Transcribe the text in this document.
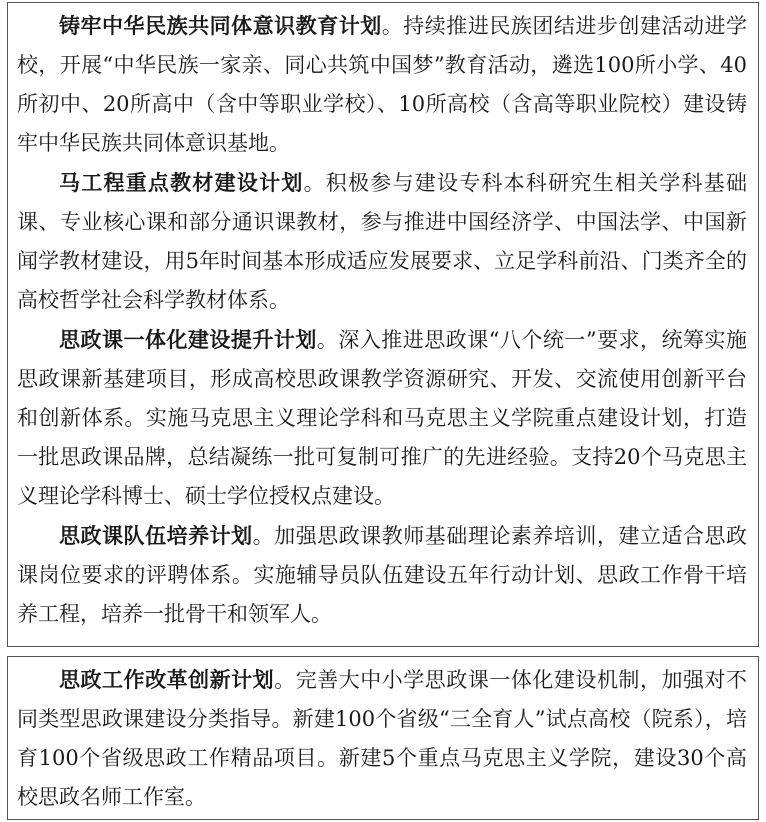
铸牢中华民族共同体意识教育计划。持续推进民族团结进步创建活动进学校，开展“中华民族一家亲、同心共筑中国梦”教育活动，遴选100所小学、40所初中、20所高中（含中等职业学校）、10所高校（含高等职业院校）建设铸牢中华民族共同体意识基地。

马工程重点教材建设计划。积极参与建设专科本科研究生相关学科基础课、专业核心课和部分通识课教材，参与推进中国经济学、中国法学、中国新闻学教材建设，用5年时间基本形成适应发展要求、立足学科前沿、门类齐全的高校哲学社会科学教材体系。

思政课一体化建设提升计划。深入推进思政课“八个统一”要求，统筹实施思政课新基建项目，形成高校思政课教学资源研究、开发、交流使用创新平台和创新体系。实施马克思主义理论学科和马克思主义学院重点建设计划，打造一批思政课品牌，总结凝练一批可复制可推广的先进经验。支持20个马克思主义理论学科博士、硕士学位授权点建设。

思政课队伍培养计划。加强思政课教师基础理论素养培训，建立适合思政课岗位要求的评聘体系。实施辅导员队伍建设五年行动计划、思政工作骨干培养工程，培养一批骨干和领军人。

思政工作改革创新计划。完善大中小学思政课一体化建设机制，加强对不同类型思政课建设分类指导。新建100个省级“三全育人”试点高校（院系），培育100个省级思政工作精品项目。新建5个重点马克思主义学院，建设30个高校思政名师工作室。
